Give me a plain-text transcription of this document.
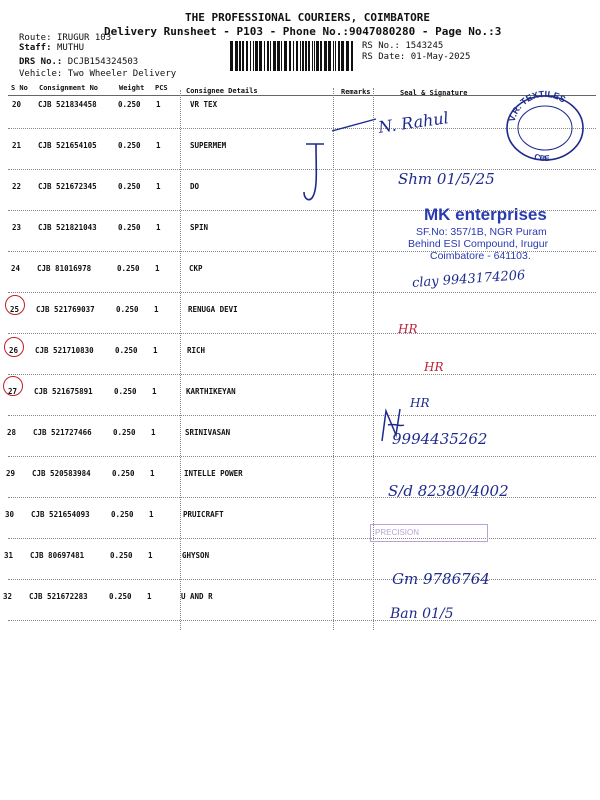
THE PROFESSIONAL COURIERS, COIMBATORE
Delivery Runsheet - P103 - Phone No.:9047080280 - Page No.:3
Route: IRUGUR 103
Staff: MUTHU
DRS No.: DCJB154324503
Vehicle: Two Wheeler Delivery
RS No.: 1543245
RS Date: 01-May-2025
S No Consignment No	Weight PCS	Consignee Details	Remarks	Seal & Signature
20 CJB 521834458	0.250 1	VR TEX
21 CJB 521654105	0.250 1	SUPERMEM
22 CJB 521672345	0.250 1	DO
23 CJB 521821043	0.250 1	SPIN
24 CJB 81016978	0.250 1	CKP
25 CJB 521769037	0.250 1	RENUGA DEVI
26 CJB 521710830	0.250 1	RICH
27 CJB 521675891	0.250 1	KARTHIKEYAN
28 CJB 521727466	0.250 1	SRINIVASAN
29 CJB 520583984	0.250 1	INTELLE POWER
30 CJB 521654093	0.250 1	PRUICRAFT
31 CJB 80697481	0.250 1	GHYSON
32 CJB 521672283	0.250 1	U AND R
V.R. TEXTILES
CBE
MK enterprises
SF.No: 357/1B, NGR Puram
Behind ESI Compound, Irugur
Coimbatore - 641103.
PRECISION
N. Rahul
Shm 01/5/25
clay 9943174206
HR
HR
HR
9994435262
S/d 82380/4002
Gm 9786764
Ban 01/5
